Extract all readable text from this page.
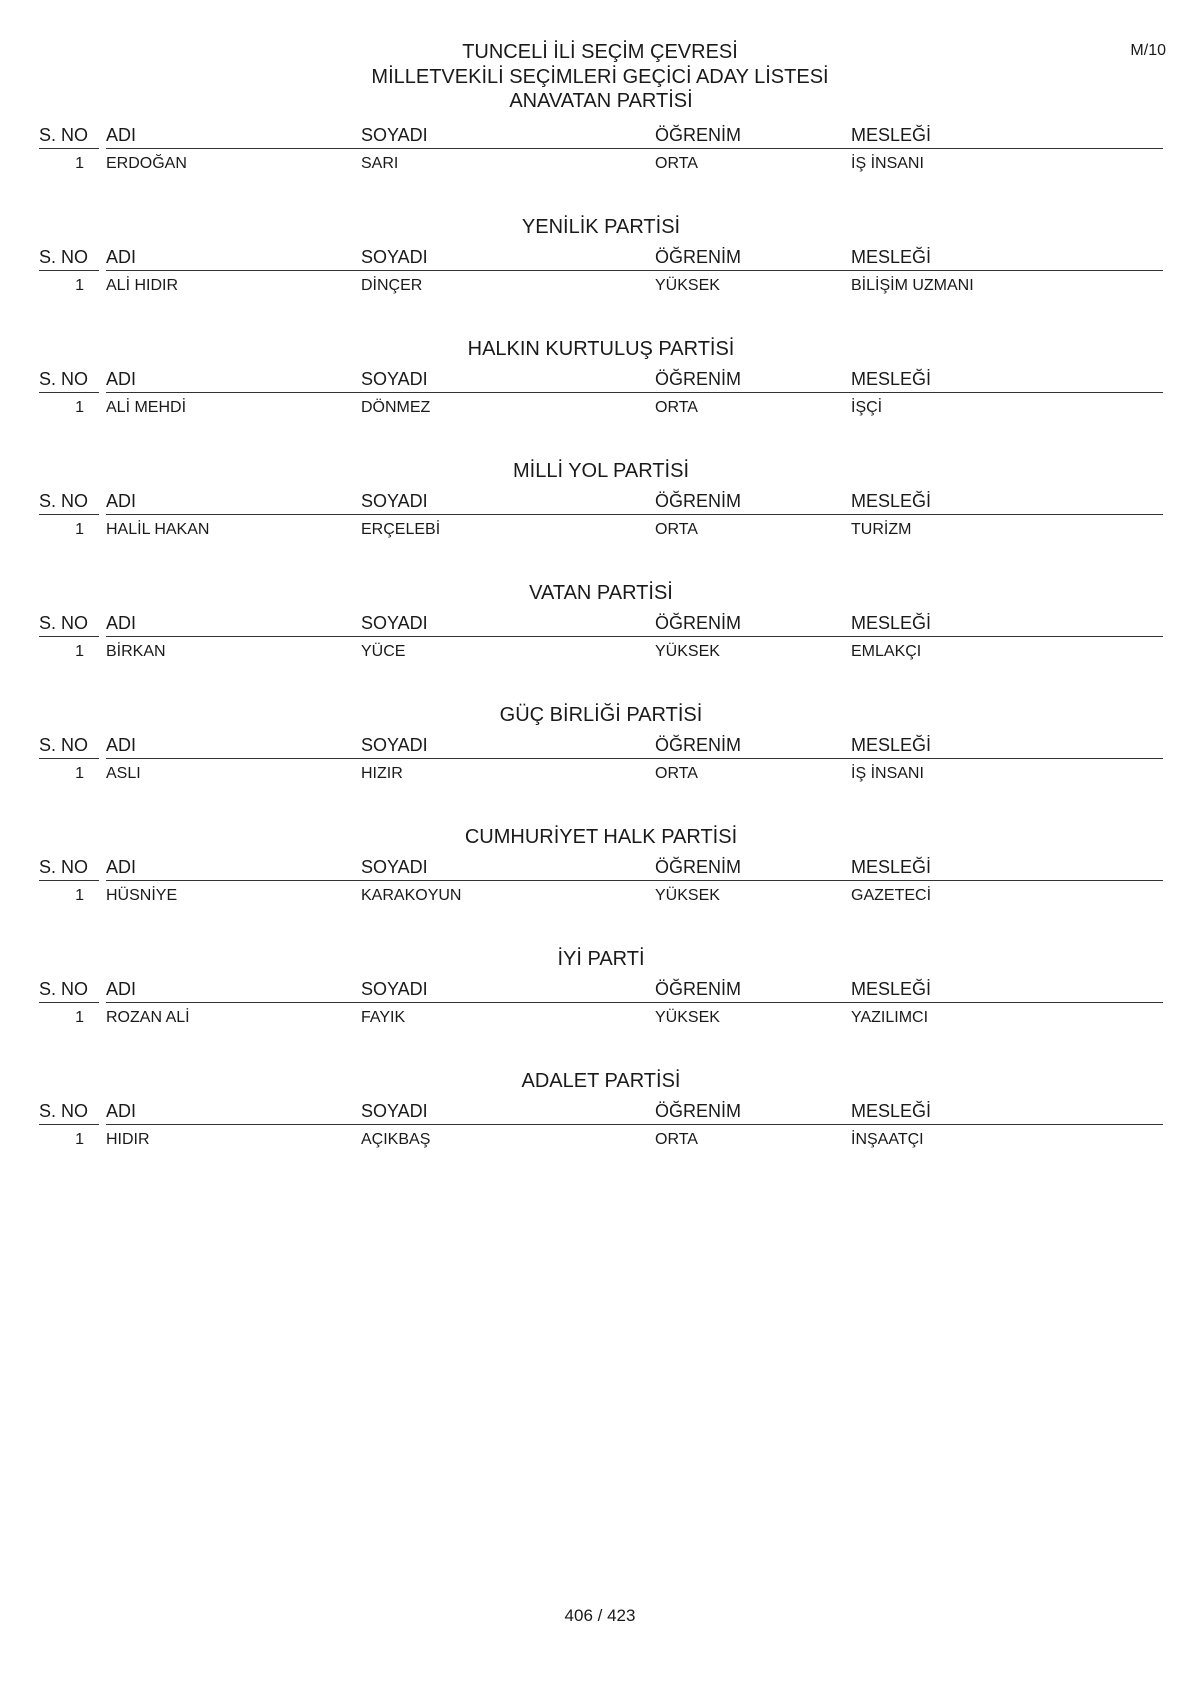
M/10
TUNCELİ İLİ SEÇİM ÇEVRESİ
MİLLETVEKİLİ SEÇİMLERİ GEÇİCİ ADAY LİSTESİ
ANAVATAN PARTİSİ
S. NO ADI	SOYADI	ÖĞRENİM	MESLEĞİ
1 ERDOĞAN	SARI	ORTA	İŞ İNSANI
YENİLİK PARTİSİ
S. NO ADI	SOYADI	ÖĞRENİM	MESLEĞİ
1 ALİ HIDIR	DİNÇER	YÜKSEK	BİLİŞİM UZMANI
HALKIN KURTULUŞ PARTİSİ
S. NO ADI	SOYADI	ÖĞRENİM	MESLEĞİ
1 ALİ MEHDİ	DÖNMEZ	ORTA	İŞÇİ
MİLLİ YOL PARTİSİ
S. NO ADI	SOYADI	ÖĞRENİM	MESLEĞİ
1 HALİL HAKAN	ERÇELEBİ	ORTA	TURİZM
VATAN PARTİSİ
S. NO ADI	SOYADI	ÖĞRENİM	MESLEĞİ
1 BİRKAN	YÜCE	YÜKSEK	EMLAKÇI
GÜÇ BİRLİĞİ PARTİSİ
S. NO ADI	SOYADI	ÖĞRENİM	MESLEĞİ
1 ASLI	HIZIR	ORTA	İŞ İNSANI
CUMHURİYET HALK PARTİSİ
S. NO ADI	SOYADI	ÖĞRENİM	MESLEĞİ
1 HÜSNİYE	KARAKOYUN	YÜKSEK	GAZETECİ
İYİ PARTİ
S. NO ADI	SOYADI	ÖĞRENİM	MESLEĞİ
1 ROZAN ALİ	FAYIK	YÜKSEK	YAZILIMCI
ADALET PARTİSİ
S. NO ADI	SOYADI	ÖĞRENİM	MESLEĞİ
1 HIDIR	AÇIKBAŞ	ORTA	İNŞAATÇI
406 / 423
